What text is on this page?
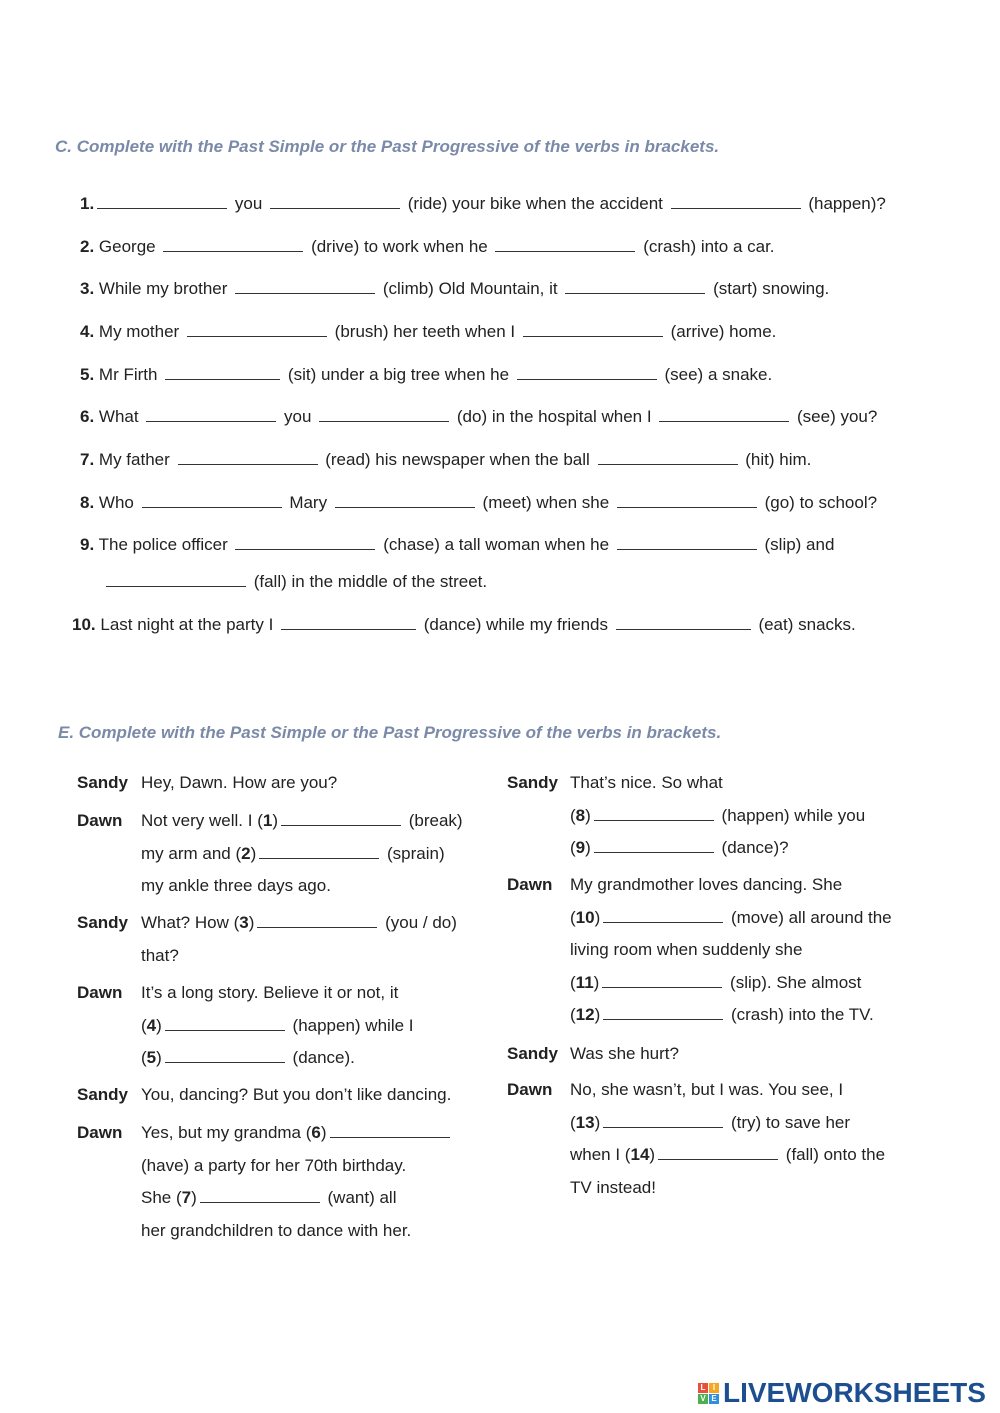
C. Complete with the Past Simple or the Past Progressive of the verbs in brackets.
1.	you	(ride) your bike when the accident	(happen)?
2. George	(drive) to work when he	(crash) into a car.
3. While my brother	(climb) Old Mountain, it	(start) snowing.
4. My mother	(brush) her teeth when I	(arrive) home.
5. Mr Firth	(sit) under a big tree when he	(see) a snake.
6. What	you	(do) in the hospital when I	(see) you?
7. My father	(read) his newspaper when the ball	(hit) him.
8. Who	Mary	(meet) when she	(go) to school?
9. The police officer	(chase) a tall woman when he	(slip) and
(fall) in the middle of the street.
10. Last night at the party I	(dance) while my friends	(eat) snacks.
E. Complete with the Past Simple or the Past Progressive of the verbs in brackets.
Sandy Hey, Dawn. How are you?
Dawn Not very well. I (1)	(break)
my arm and (2)	(sprain)
my ankle three days ago.
Sandy What? How (3)	(you / do)
that?
Dawn It’s a long story. Believe it or not, it
(4)	(happen) while I
(5)	(dance).
Sandy You, dancing? But you don’t like dancing.
Dawn Yes, but my grandma (6)
(have) a party for her 70th birthday.
She (7)	(want) all
her grandchildren to dance with her.
Sandy That’s nice. So what
(8)	(happen) while you
(9)	(dance)?
Dawn My grandmother loves dancing. She
(10)	(move) all around the
living room when suddenly she
(11)	(slip). She almost
(12)	(crash) into the TV.
Sandy Was she hurt?
Dawn No, she wasn’t, but I was. You see, I
(13)	(try) to save her
when I (14)	(fall) onto the
TV instead!
L I
V E LIVEWORKSHEETS
